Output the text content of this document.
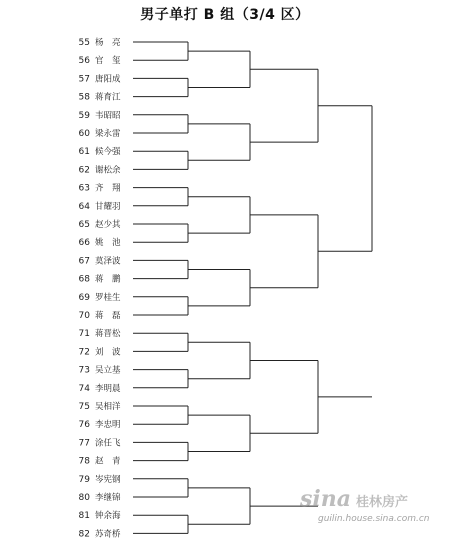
男子单打 B 组（3/4 区）
55 杨　亮
56 官　玺
57 唐阳成
58 蒋育江
59 韦昭昭
60 梁永雷
61 候今强
62 谢松余
63 齐　翔
64 甘耀羽
65 赵少其
66 姚　池
67 莫泽波
68 蒋　鹏
69 罗桂生
70 蒋　磊
71 蒋晋松
72 刘　波
73 吴立基
74 李明晨
75 吴相洋
76 李忠明
77 涂任飞
78 赵　青
79 岑宪钢
80 李继锦
81 钟余海
82 苏奇桥
sina 桂林房产
guilin.house.sina.com.cn
